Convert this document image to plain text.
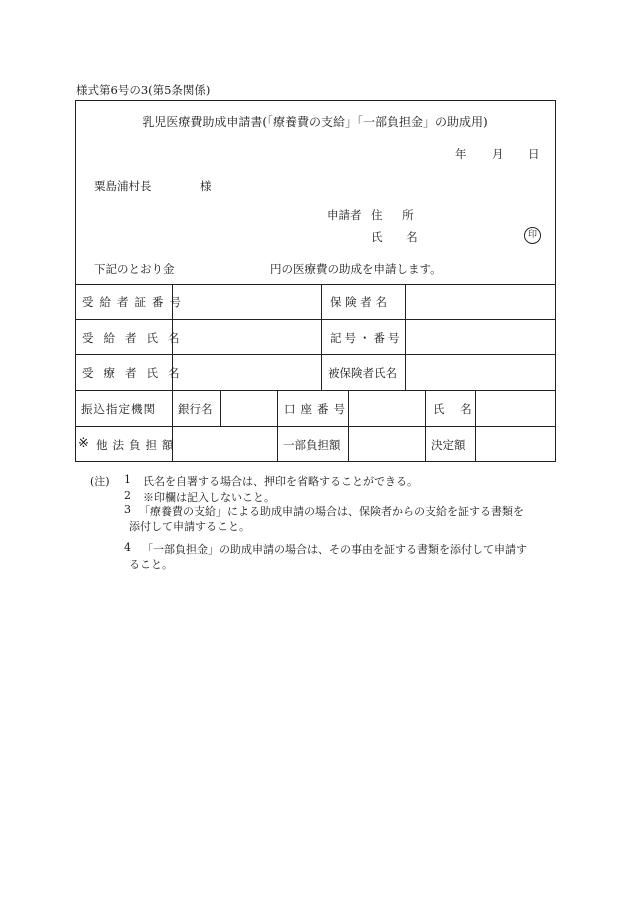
様式第6号の3(第5条関係)
乳児医療費助成申請書(「療養費の支給」「一部負担金」の助成用)
年 月 日
粟島浦村長	様
申請者 住 所
氏 名	印
下記のとおり金	円の医療費の助成を申請します。
受給者証番号	保 険 者 名
受給者氏名	記号・番号
受療者氏名	被保険者氏名
振込指定機関 銀行名	口座番号	氏 名
※ 他法負担額	一部負担額	決定額
(注) 1 氏名を自署する場合は、押印を省略することができる。
2 ※印欄は記入しないこと。
3 「療養費の支給」による助成申請の場合は、保険者からの支給を証する書類を
添付して申請すること。
4 「一部負担金」の助成申請の場合は、その事由を証する書類を添付して申請す
ること。
